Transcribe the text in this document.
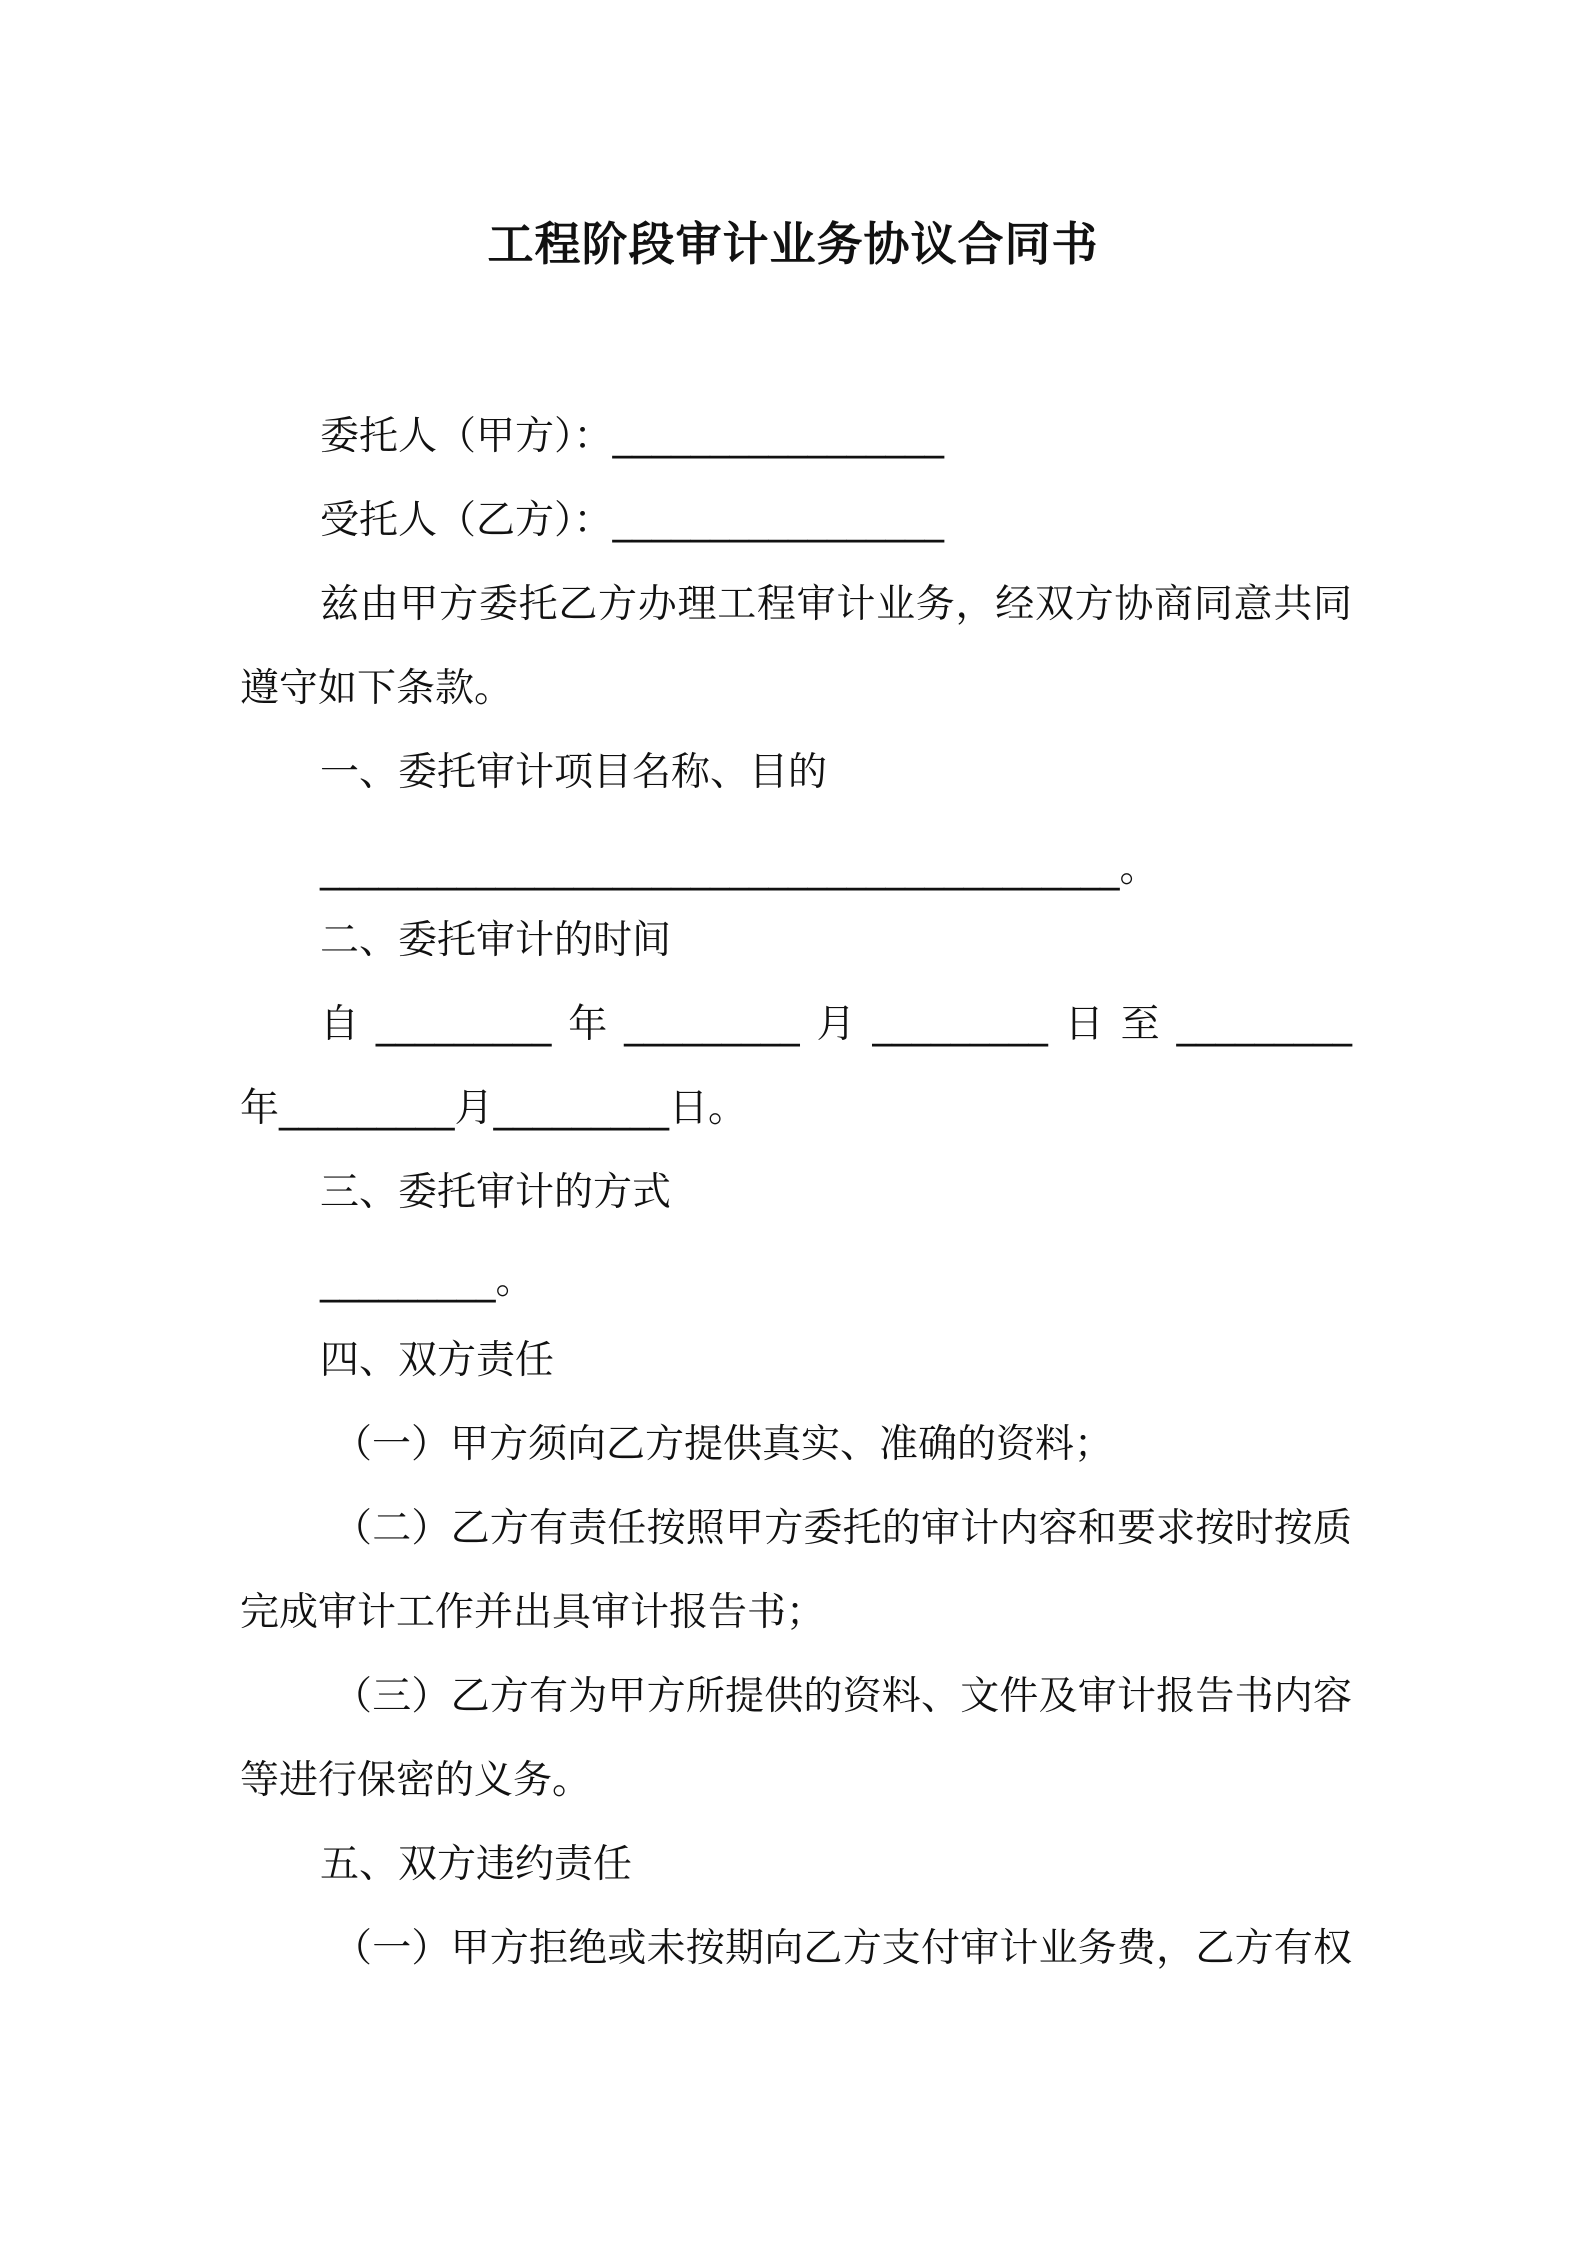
工程阶段审计业务协议合同书
委托人（甲方）：_________________
受托人（乙方）：_________________
兹由甲方委托乙方办理工程审计业务，经双方协商同意共同
遵守如下条款。
一、委托审计项目名称、目的
_________________________________________。
二、委托审计的时间
自_________年_________月_________日至_________
年_________月_________日。
三、委托审计的方式
_________。
四、双方责任
（一）甲方须向乙方提供真实、准确的资料；
（二）乙方有责任按照甲方委托的审计内容和要求按时按质
完成审计工作并出具审计报告书；
（三）乙方有为甲方所提供的资料、文件及审计报告书内容
等进行保密的义务。
五、双方违约责任
（一）甲方拒绝或未按期向乙方支付审计业务费，乙方有权
